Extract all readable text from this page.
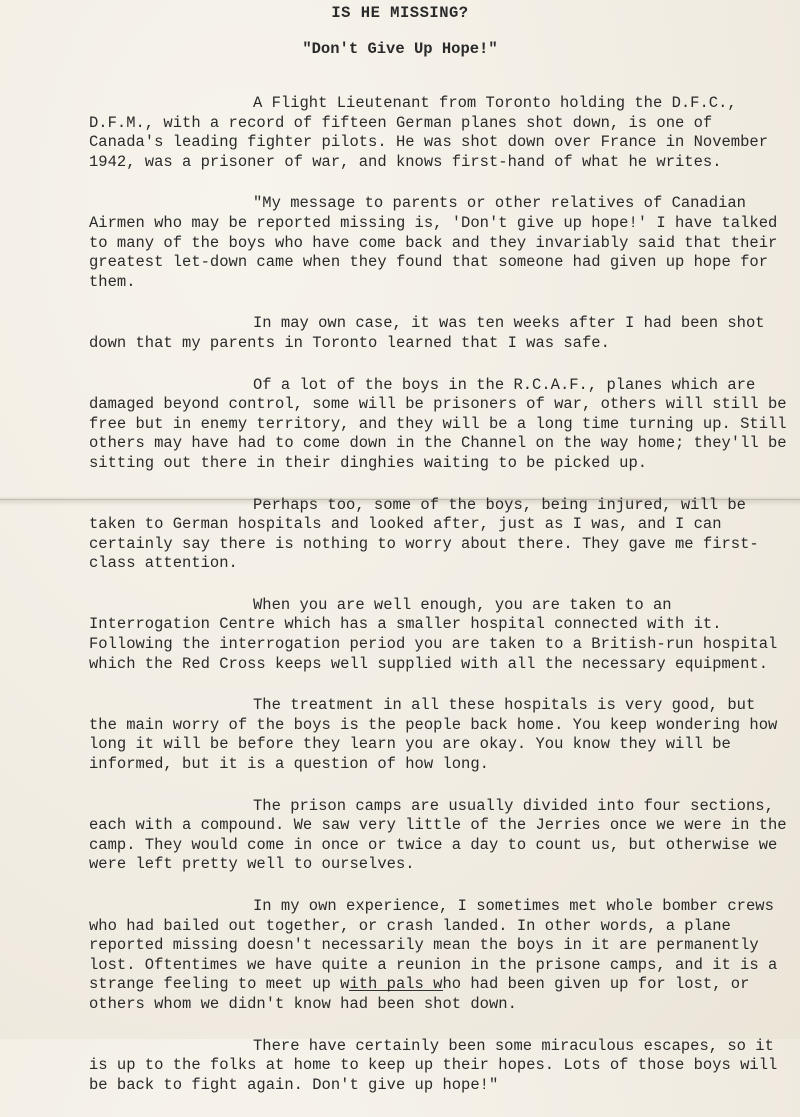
IS HE MISSING?
"Don't Give Up Hope!"

A Flight Lieutenant from Toronto holding the D.F.C., D.F.M., with a record of fifteen German planes shot down, is one of Canada's leading fighter pilots. He was shot down over France in November 1942, was a prisoner of war, and knows first-hand of what he writes.

"My message to parents or other relatives of Canadian Airmen who may be reported missing is, 'Don't give up hope!' I have talked to many of the boys who have come back and they invariably said that their greatest let-down came when they found that someone had given up hope for them.

In may own case, it was ten weeks after I had been shot down that my parents in Toronto learned that I was safe.

Of a lot of the boys in the R.C.A.F., planes which are damaged beyond control, some will be prisoners of war, others will still be free but in enemy territory, and they will be a long time turning up. Still others may have had to come down in the Channel on the way home; they'll be sitting out there in their dinghies waiting to be picked up.

Perhaps too, some of the boys, being injured, will be taken to German hospitals and looked after, just as I was, and I can certainly say there is nothing to worry about there. They gave me first-class attention.

When you are well enough, you are taken to an Interrogation Centre which has a smaller hospital connected with it. Following the interrogation period you are taken to a British-run hospital which the Red Cross keeps well supplied with all the necessary equipment.

The treatment in all these hospitals is very good, but the main worry of the boys is the people back home. You keep wondering how long it will be before they learn you are okay. You know they will be informed, but it is a question of how long.

The prison camps are usually divided into four sections, each with a compound. We saw very little of the Jerries once we were in the camp. They would come in once or twice a day to count us, but otherwise we were left pretty well to ourselves.

In my own experience, I sometimes met whole bomber crews who had bailed out together, or crash landed. In other words, a plane reported missing doesn't necessarily mean the boys in it are permanently lost. Oftentimes we have quite a reunion in the prisone camps, and it is a strange feeling to meet up with pals who had been given up for lost, or others whom we didn't know had been shot down.

There have certainly been some miraculous escapes, so it is up to the folks at home to keep up their hopes. Lots of those boys will be back to fight again. Don't give up hope!"
